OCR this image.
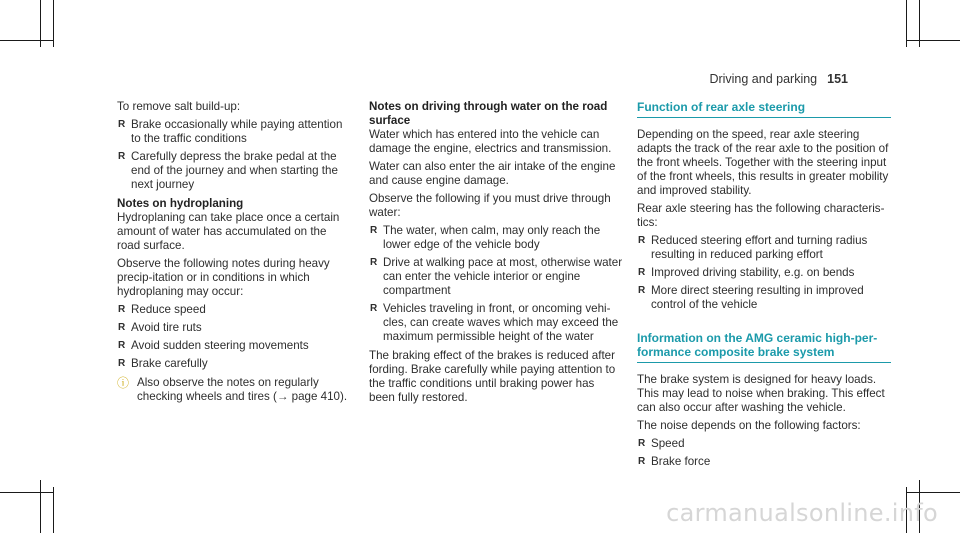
Driving and parking 151

To remove salt build-up:

R Brake occasionally while paying attention to the traffic conditions
R Carefully depress the brake pedal at the end of the journey and when starting the next journey

Notes on hydroplaning

Hydroplaning can take place once a certain amount of water has accumulated on the road surface.

Observe the following notes during heavy precip-itation or in conditions in which hydroplaning may occur:

R Reduce speed
R Avoid tire ruts
R Avoid sudden steering movements
R Brake carefully
ⓘ Also observe the notes on regularly checking wheels and tires (→ page 410).

Notes on driving through water on the road surface

Water which has entered into the vehicle can damage the engine, electrics and transmission.

Water can also enter the air intake of the engine and cause engine damage.

Observe the following if you must drive through water:

R The water, when calm, may only reach the lower edge of the vehicle body
R Drive at walking pace at most, otherwise water can enter the vehicle interior or engine compartment
R Vehicles traveling in front, or oncoming vehi-cles, can create waves which may exceed the maximum permissible height of the water

The braking effect of the brakes is reduced after fording. Brake carefully while paying attention to the traffic conditions until braking power has been fully restored.

Function of rear axle steering

Depending on the speed, rear axle steering adapts the track of the rear axle to the position of the front wheels. Together with the steering input of the front wheels, this results in greater mobility and improved stability.

Rear axle steering has the following characteris-tics:

R Reduced steering effort and turning radius resulting in reduced parking effort
R Improved driving stability, e.g. on bends
R More direct steering resulting in improved control of the vehicle
Information on the AMG ceramic high-per-formance composite brake system

The brake system is designed for heavy loads. This may lead to noise when braking. This effect can also occur after washing the vehicle.

The noise depends on the following factors:

R Speed
R Brake force
carmanualsonline.info
